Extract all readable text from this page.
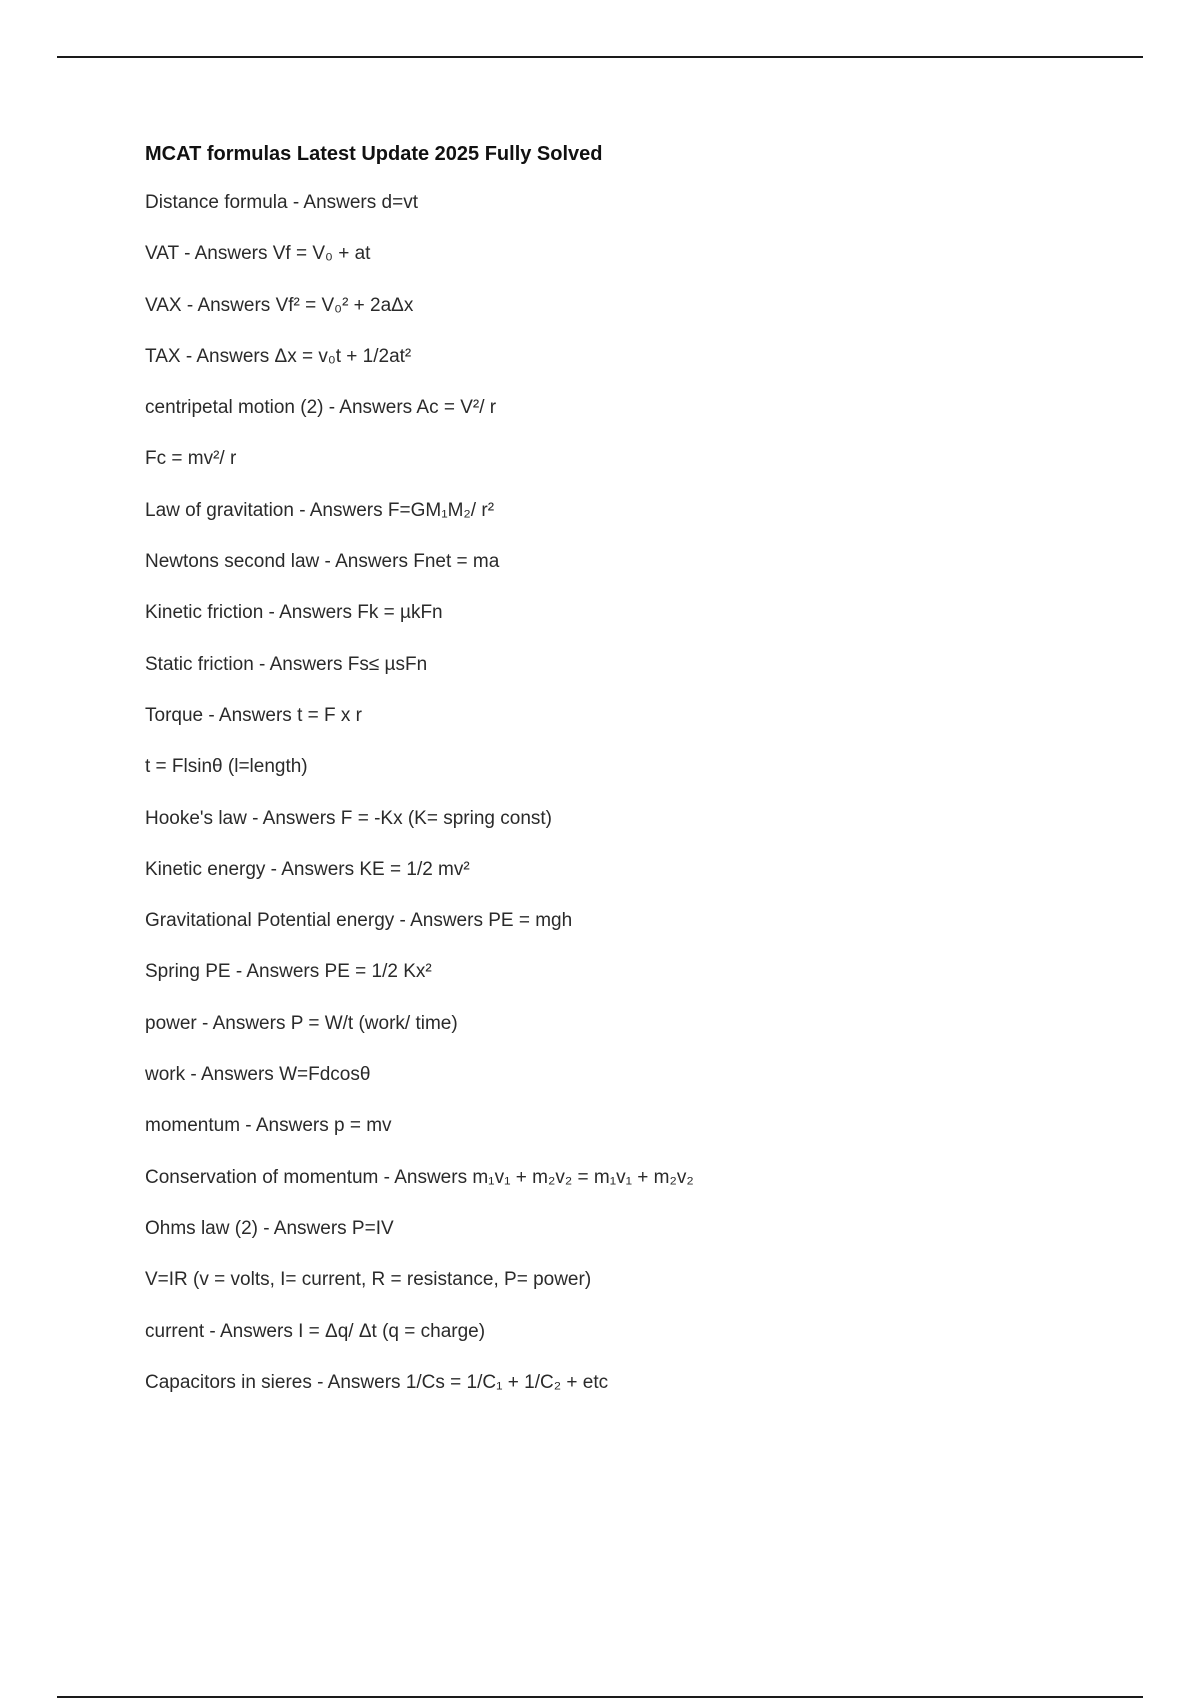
MCAT formulas Latest Update 2025 Fully Solved
Distance formula - Answers d=vt
VAT - Answers Vf = V₀ + at
VAX - Answers Vf² = V₀² + 2aΔx
TAX - Answers Δx = v₀t + 1/2at²
centripetal motion (2) - Answers Ac = V²/ r
Fc = mv²/ r
Law of gravitation - Answers F=GM₁M₂/ r²
Newtons second law - Answers Fnet = ma
Kinetic friction - Answers Fk = µkFn
Static friction - Answers Fs≤ µsFn
Torque - Answers t = F x r
t = Flsinθ (l=length)
Hooke's law - Answers F = -Kx (K= spring const)
Kinetic energy - Answers KE = 1/2 mv²
Gravitational Potential energy - Answers PE = mgh
Spring PE - Answers PE = 1/2 Kx²
power - Answers P = W/t (work/ time)
work - Answers W=Fdcosθ
momentum - Answers p = mv
Conservation of momentum - Answers m₁v₁ + m₂v₂ = m₁v₁ + m₂v₂
Ohms law (2) - Answers P=IV
V=IR (v = volts, I= current, R = resistance, P= power)
current - Answers I = Δq/ Δt (q = charge)
Capacitors in sieres - Answers 1/Cs = 1/C₁ + 1/C₂ + etc
